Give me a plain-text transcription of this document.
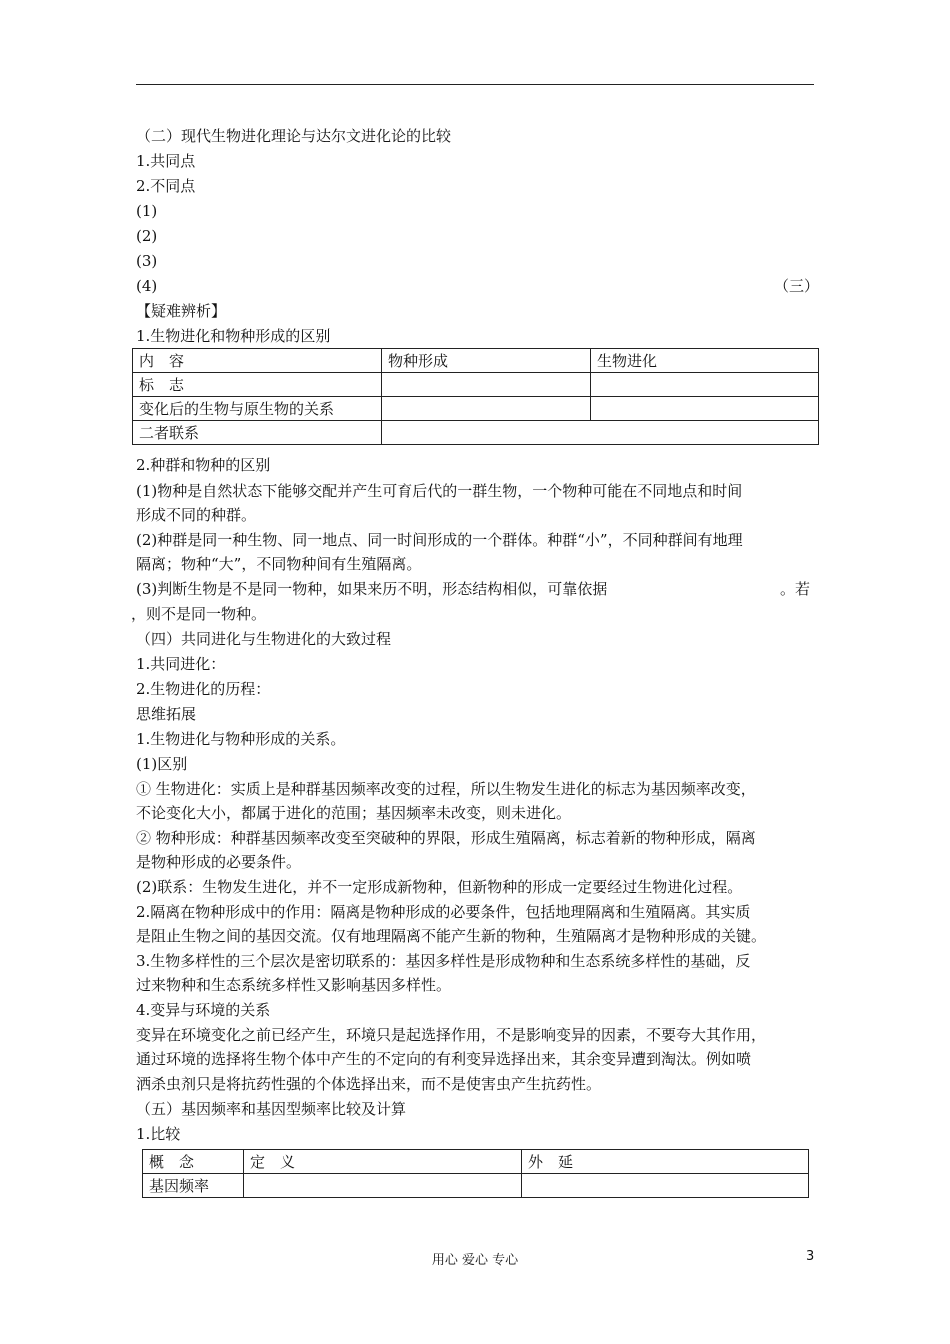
（二）现代生物进化理论与达尔文进化论的比较
1.共同点
2.不同点
(1)
(2)
(3)
(4)	（三）
【疑难辨析】
1.生物进化和物种形成的区别
内　容	物种形成	生物进化
标　志		
变化后的生物与原生物的关系		
二者联系		
2.种群和物种的区别
(1)物种是自然状态下能够交配并产生可育后代的一群生物，一个物种可能在不同地点和时间
形成不同的种群。
(2)种群是同一种生物、同一地点、同一时间形成的一个群体。种群“小”，不同种群间有地理
隔离；物种“大”，不同物种间有生殖隔离。
(3)判断生物是不是同一物种，如果来历不明，形态结构相似，可靠依据	。若
，则不是同一物种。
（四）共同进化与生物进化的大致过程
1.共同进化：
2.生物进化的历程：
思维拓展
1.生物进化与物种形成的关系。
(1)区别
① 生物进化：实质上是种群基因频率改变的过程，所以生物发生进化的标志为基因频率改变，
不论变化大小，都属于进化的范围；基因频率未改变，则未进化。
② 物种形成：种群基因频率改变至突破种的界限，形成生殖隔离，标志着新的物种形成，隔离
是物种形成的必要条件。
(2)联系：生物发生进化，并不一定形成新物种，但新物种的形成一定要经过生物进化过程。
2.隔离在物种形成中的作用：隔离是物种形成的必要条件，包括地理隔离和生殖隔离。其实质
是阻止生物之间的基因交流。仅有地理隔离不能产生新的物种，生殖隔离才是物种形成的关键。
3.生物多样性的三个层次是密切联系的：基因多样性是形成物种和生态系统多样性的基础，反
过来物种和生态系统多样性又影响基因多样性。
4.变异与环境的关系
变异在环境变化之前已经产生，环境只是起选择作用，不是影响变异的因素，不要夸大其作用，
通过环境的选择将生物个体中产生的不定向的有利变异选择出来，其余变异遭到淘汰。例如喷
洒杀虫剂只是将抗药性强的个体选择出来，而不是使害虫产生抗药性。
（五）基因频率和基因型频率比较及计算
1.比较
概　念	定　义	外　延
基因频率		
用心 爱心 专心	3
